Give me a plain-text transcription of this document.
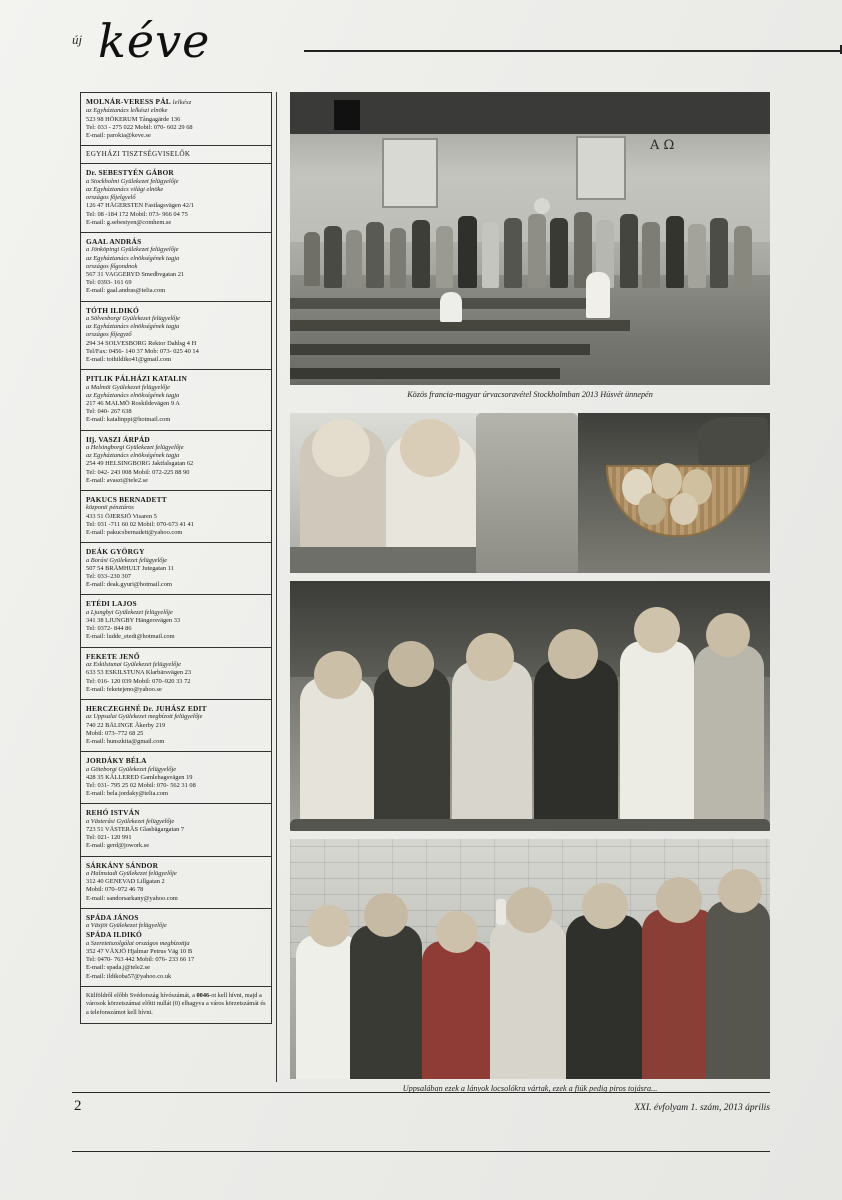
új kéve
MOLNÁR-VERESS PÁL lelkész
az Egyháztanács lelkészi elnöke
523 98 HÖKERUM Tångagärde 136
Tel: 033 - 275 022 Mobil: 070- 602 29 68
E-mail: parokia@keve.se
EGYHÁZI TISZTSÉGVISELŐK
Dr. SEBESTYÉN GÁBOR
a Stockholmi Gyülekezet felügyelője
az Egyháztanács világi elnöke
országos főjelgyelő
126 47 HÄGERSTEN Fastlagsvägen 42/1
Tel: 08 -184 172 Mobil: 073- 966 04 75
E-mail: g.sebestyen@comhem.se
GAAL ANDRÁS
a Jönköpingi Gyülekezet felügyelője
az Egyháztanács elnökségének tagja
országos főgondnok
567 31 VAGGERYD Smedbvgatan 21
Tel: 0393- 161 69
E-mail: gaal.andras@telia.com
TÓTH ILDIKÓ
a Sölvesborgi Gyülekezet felügyelője
az Egyháztanács elnökségének tagja
országos főjegyző
294 34 SOLVESBORG Rektor Dahlsg 4 H
Tel/Fax: 0456- 140 37 Mob: 073- 025 40 14
E-mail: tothildiko41@gmail.com
PITLIK PÁLHÁZI KATALIN
a Malmöi Gyülekezet felügyelője
az Egyháztanács elnökségének tagja
217 46 MALMÖ Roskildevägen 9 A
Tel: 040- 267 638
E-mail: katalinppi@hotmail.com
Ifj. VASZI ÁRPÁD
a Helsingborgi Gyülekezet felügyelője
az Egyháztanács elnökségének tagja
254 49 HELSINGBORG Jaktfalsgatan 62
Tel: 042- 243 008 Mobil: 072-225 88 90
E-mail: avaszi@tele2.se
PAKUCS BERNADETT
központi pénztáros
433 51 ÖJERSJÖ Visaren 5
Tel: 031 -711 60 02 Mobil: 070-673 41 41
E-mail: pakucsbernadett@yahoo.com
DEÁK GYÖRGY
a Borási Gyülekezet felügyelője
507 54 BRÄMHULT Jutegatan 11
Tel: 033–230 307
E-mail: deak.gyuri@hotmail.com
ETÉDI LAJOS
a Ljungbyi Gyülekezet felügyelője
341 38 LJUNGBY Hängersvägen 33
Tel: 0372- 844 86
E-mail: ludde_etedi@hotmail.com
FEKETE JENŐ
az Eskilstunai Gyülekezet felügyelője
633 53 ESKILSTUNA Klarbärsvägen 23
Tel: 016- 120 039 Mobil: 070–920 33 72
E-mail: feketejeno@yahoo.se
HERCZEGHNÉ Dr. JUHÁSZ EDIT
az Uppsalai Gyülekezet megbízott felügyelője
740 22 BÄLINGE Åkerby 219
Mobil: 073–772 68 25
E-mail: hunszkita@gmail.com
JORDÁKY BÉLA
a Göteborgi Gyülekezet felügyelője
428 35 KÅLLERED Gamlehagsvägen 19
Tel: 031- 795 25 02 Mobil: 070- 562 31 08
E-mail: bela.jordaky@telia.com
REHÓ ISTVÁN
a Västeråsi Gyülekezet felügyelője
723 51 VÄSTERÅS Glasbägargatan 7
Tel: 021- 120 991
E-mail: gerd@jowork.se
SÁRKÁNY SÁNDOR
a Halmstadi Gyülekezet felügyelője
312 40 GENEVAD Lillgatan 2
Mobil: 070–972 46 78
E-mail: sandorsarkany@yahoo.com
SPÁDA JÁNOS
a Växjöi Gyülekezet felügyelője
SPÁDA ILDIKÓ
a Szeretetszolgálat országos megbízottja
352 47 VÄXJÖ Hjalmar Petrus Väg 10 B
Tel: 0470- 763 442 Mobil: 076- 233 66 17
E-mail: spada.j@tele2.se
E-mail: ildikoba57@yahoo.co.uk
Külföldről előbb Svédország hívószámát, a 0046-ot kell hívni, majd a városok körzetszámai előtti nullát (0) elhagyva a város körzetszámát és a telefonszámot kell hívni.
Α Ω
Közös francia-magyar úrvacsoravétel Stockholmban 2013 Húsvét ünnepén
Uppsalában ezek a lányok locsolókra vártak, ezek a fiúk pedig piros tojásra...
2	XXI. évfolyam 1. szám, 2013 április
